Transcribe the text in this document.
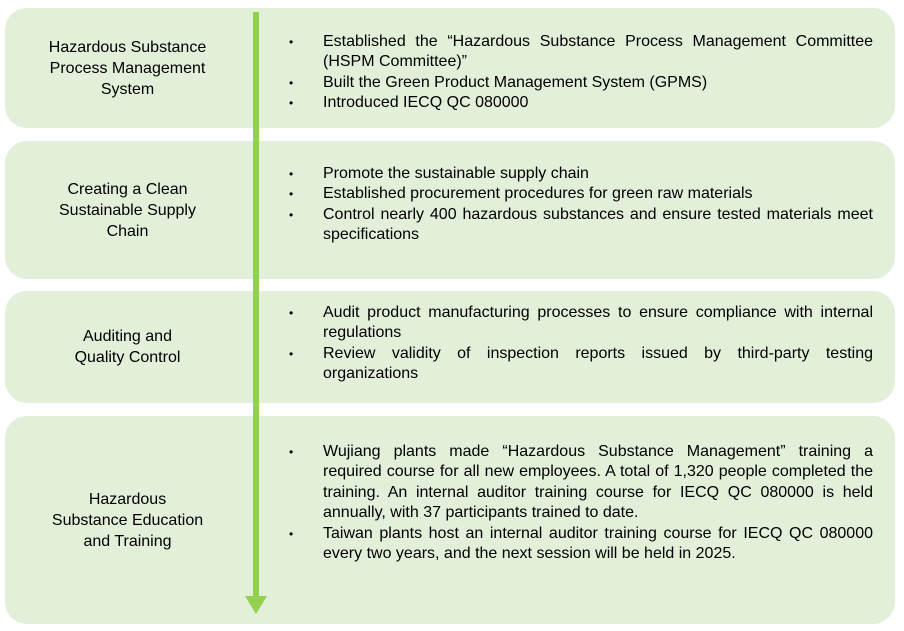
Hazardous Substance
Process Management
System
• Established the “Hazardous Substance Process Management Committee (HSPM Committee)”
• Built the Green Product Management System (GPMS)
• Introduced IECQ QC 080000
Creating a Clean
Sustainable Supply
Chain
• Promote the sustainable supply chain
• Established procurement procedures for green raw materials
• Control nearly 400 hazardous substances and ensure tested materials meet specifications
Auditing and
Quality Control
• Audit product manufacturing processes to ensure compliance with internal regulations
• Review validity of inspection reports issued by third-party testing organizations
Hazardous
Substance Education
and Training
• Wujiang plants made “Hazardous Substance Management” training a required course for all new employees. A total of 1,320 people completed the training. An internal auditor training course for IECQ QC 080000 is held annually, with 37 participants trained to date.
• Taiwan plants host an internal auditor training course for IECQ QC 080000 every two years, and the next session will be held in 2025.
